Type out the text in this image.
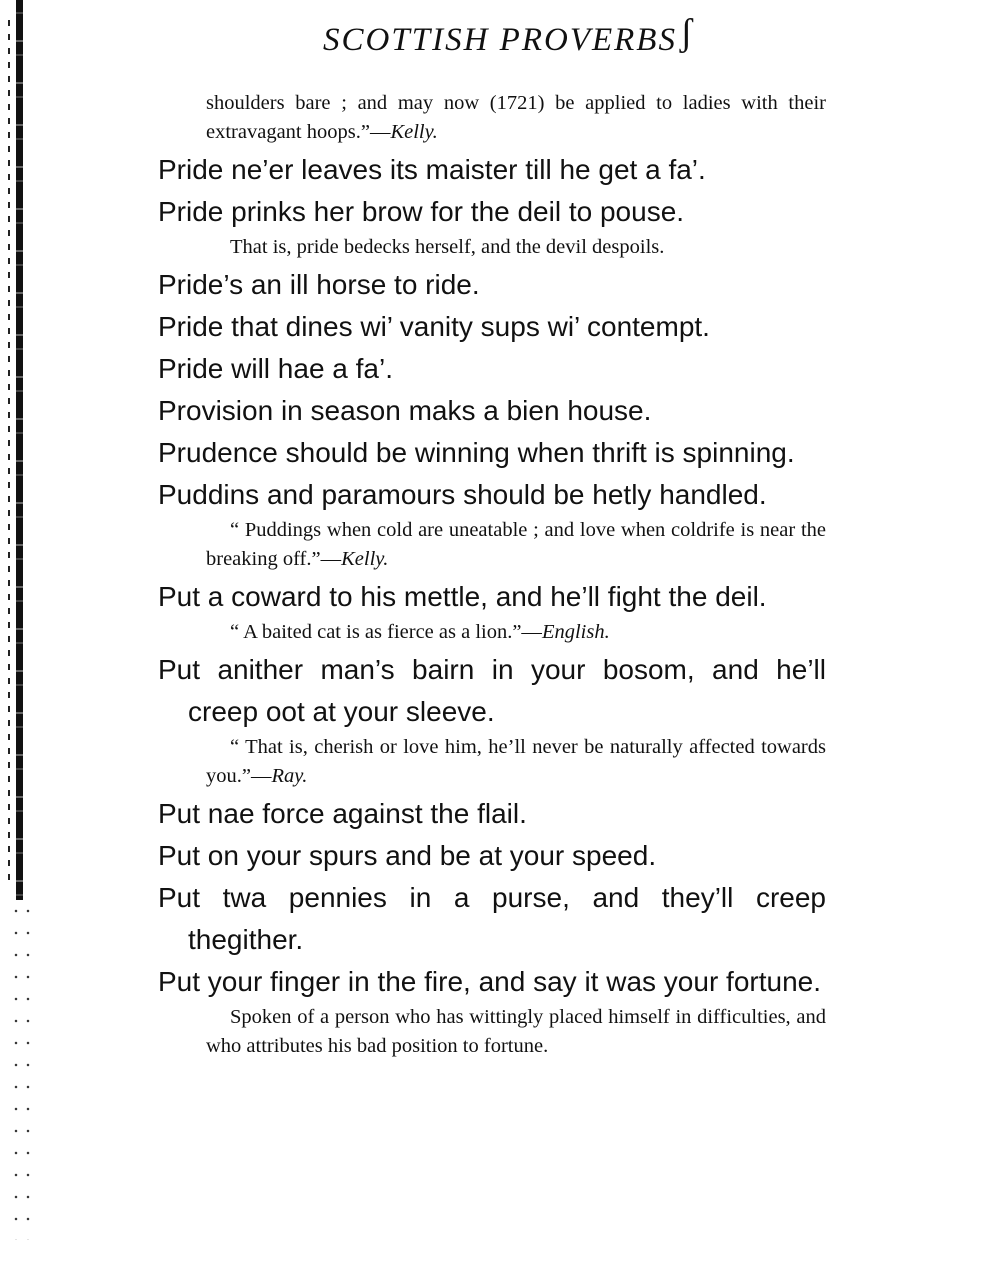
SCOTTISH PROVERBS ʃ

shoulders bare ; and may now (1721) be applied to ladies with their extravagant hoops.”—Kelly.

Pride ne’er leaves its maister till he get a fa’.

Pride prinks her brow for the deil to pouse.

That is, pride bedecks herself, and the devil despoils.

Pride’s an ill horse to ride.

Pride that dines wi’ vanity sups wi’ contempt.

Pride will hae a fa’.

Provision in season maks a bien house.

Prudence should be winning when thrift is spinning.

Puddins and paramours should be hetly handled.

“ Puddings when cold are uneatable ; and love when coldrife is near the breaking off.”—Kelly.

Put a coward to his mettle, and he’ll fight the deil.

“ A baited cat is as fierce as a lion.”—English.

Put anither man’s bairn in your bosom, and he’ll creep oot at your sleeve.

“ That is, cherish or love him, he’ll never be naturally affected towards you.”—Ray.

Put nae force against the flail.

Put on your spurs and be at your speed.

Put twa pennies in a purse, and they’ll creep thegither.

Put your finger in the fire, and say it was your fortune.

Spoken of a person who has wittingly placed himself in difficulties, and who attributes his bad position to fortune.
